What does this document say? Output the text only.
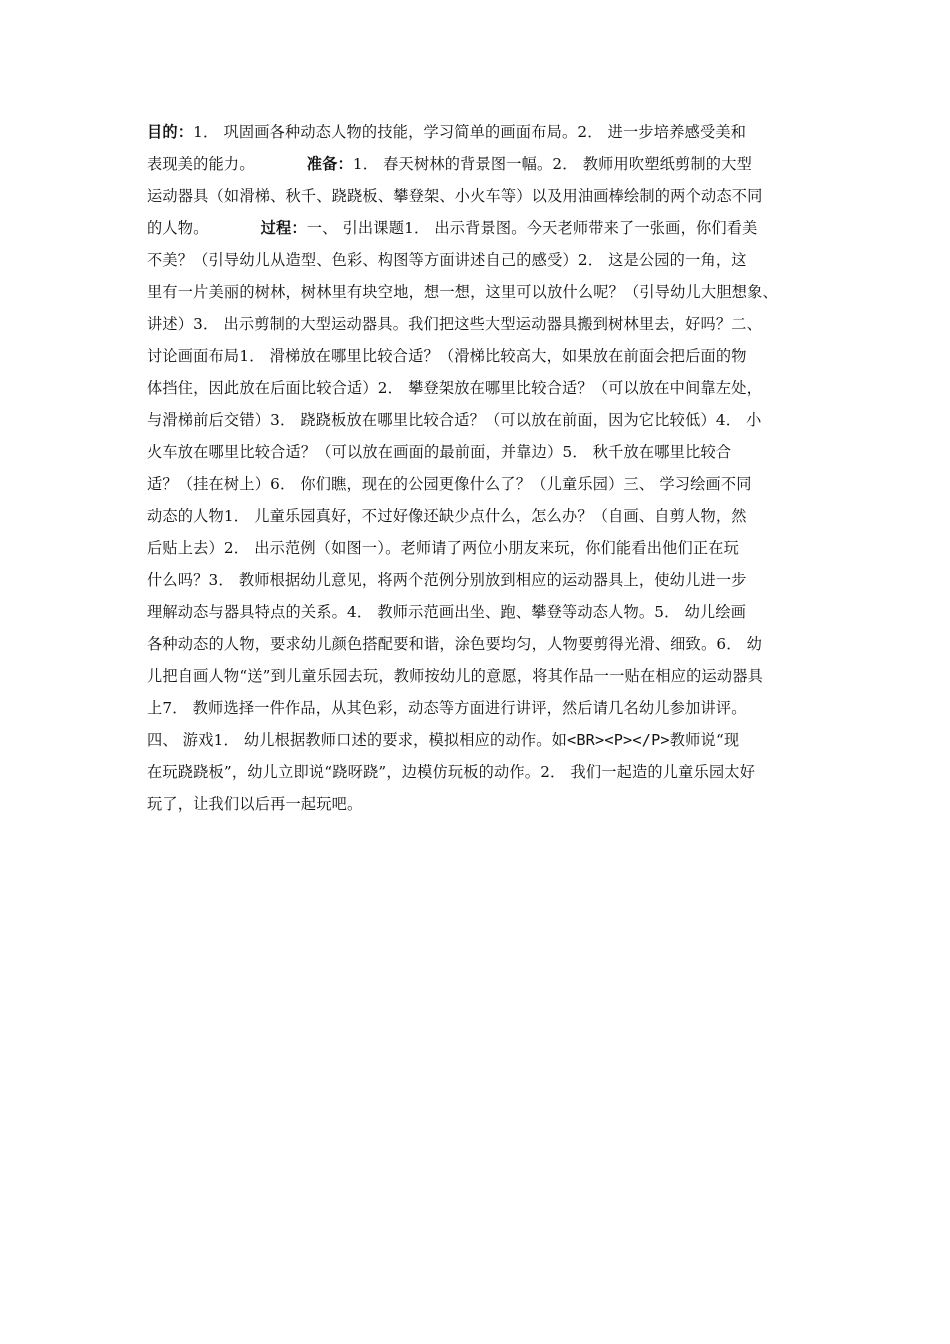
目的：1． 巩固画各种动态人物的技能，学习简单的画面布局。2． 进一步培养感受美和
表现美的能力。	准备：1． 春天树林的背景图一幅。2． 教师用吹塑纸剪制的大型
运动器具（如滑梯、秋千、跷跷板、攀登架、小火车等）以及用油画棒绘制的两个动态不同
的人物。	过程：一、 引出课题1． 出示背景图。今天老师带来了一张画，你们看美
不美？（引导幼儿从造型、色彩、构图等方面讲述自己的感受）2． 这是公园的一角，这
里有一片美丽的树林，树林里有块空地，想一想，这里可以放什么呢？（引导幼儿大胆想象、
讲述）3． 出示剪制的大型运动器具。我们把这些大型运动器具搬到树林里去，好吗？二、
讨论画面布局1． 滑梯放在哪里比较合适？（滑梯比较高大，如果放在前面会把后面的物
体挡住，因此放在后面比较合适）2． 攀登架放在哪里比较合适？（可以放在中间靠左处，
与滑梯前后交错）3． 跷跷板放在哪里比较合适？（可以放在前面，因为它比较低）4． 小
火车放在哪里比较合适？（可以放在画面的最前面，并靠边）5． 秋千放在哪里比较合
适？（挂在树上）6． 你们瞧，现在的公园更像什么了？（儿童乐园）三、 学习绘画不同
动态的人物1． 儿童乐园真好，不过好像还缺少点什么，怎么办？（自画、自剪人物，然
后贴上去）2． 出示范例（如图一）。老师请了两位小朋友来玩，你们能看出他们正在玩
什么吗？3． 教师根据幼儿意见，将两个范例分别放到相应的运动器具上，使幼儿进一步
理解动态与器具特点的关系。4． 教师示范画出坐、跑、攀登等动态人物。5． 幼儿绘画
各种动态的人物，要求幼儿颜色搭配要和谐，涂色要均匀，人物要剪得光滑、细致。6． 幼
儿把自画人物“送”到儿童乐园去玩，教师按幼儿的意愿，将其作品一一贴在相应的运动器具
上7． 教师选择一件作品，从其色彩，动态等方面进行讲评，然后请几名幼儿参加讲评。
四、 游戏1． 幼儿根据教师口述的要求，模拟相应的动作。如<BR><P></P>教师说“现
在玩跷跷板”，幼儿立即说“跷呀跷”，边模仿玩板的动作。2． 我们一起造的儿童乐园太好
玩了，让我们以后再一起玩吧。
